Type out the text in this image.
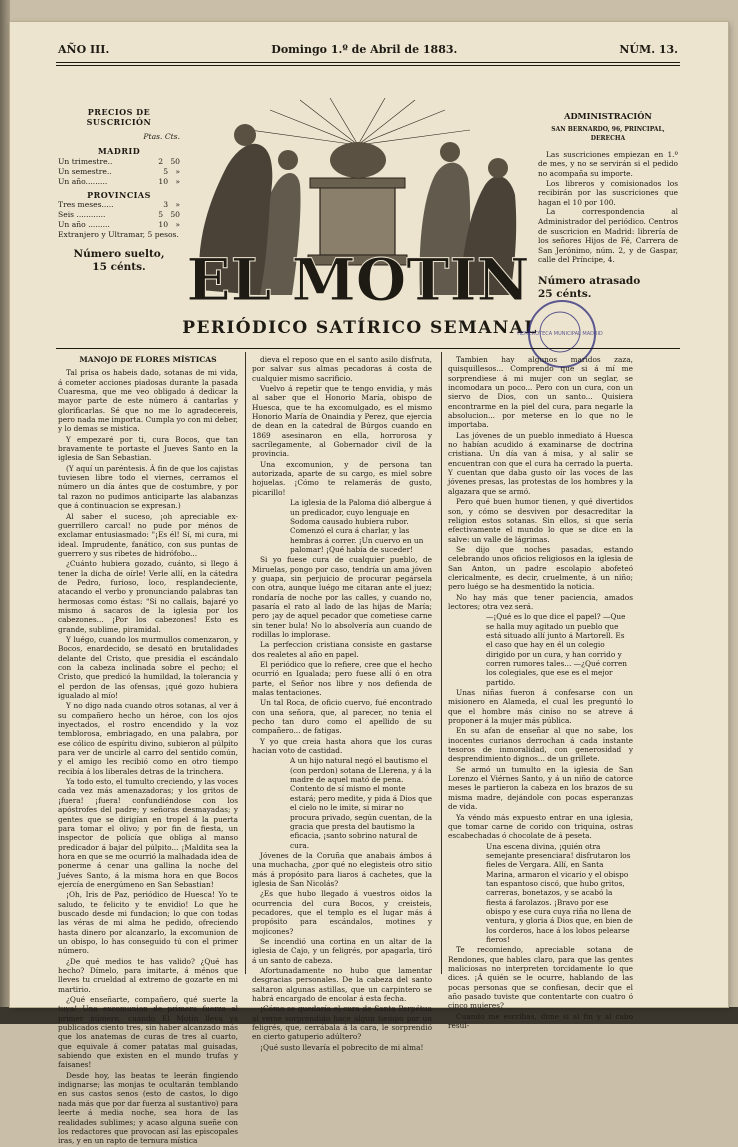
AÑO III.	Domingo 1.º de Abril de 1883.	NÚM. 13.
PRECIOS DE SUSCRICIÓN
Ptas. Cts.
MADRID
Un trimestre..	2 50
Un semestre..	5 »
Un año.........	10 »
PROVINCIAS
Tres meses.....	3 »
Seis ............	5 50
Un año .........	10 »
Extranjero y Ultramar, 5 pesos.
Número suelto,
15 cénts. EL MOTIN
PERIÓDICO SATÍRICO SEMANAL
ADMINISTRACIÓN
SAN BERNARDO, 96, PRINCIPAL, DERECHA
Las suscriciones empiezan en 1.º de mes, y no se servirán si el pedido no acompaña su importe.
Los libreros y comisionados los recibirán por las suscriciones que hagan el 10 por 100.
La correspondencia al Administrador del periódico. Centros de suscricion en Madrid: librería de los señores Hijos de Fé, Carrera de San Jerónimo, núm. 2, y de Gaspar, calle del Príncipe, 4.
Número atrasado
25 cénts.
HEMEROTECA MUNICIPAL MADRID

MANOJO DE FLORES MÍSTICAS

Tal prisa os habeis dado, sotanas de mi vida, á cometer acciones piadosas durante la pasada Cuaresma, que me veo obligado á dedicar la mayor parte de este número á cantarlas y glorificarlas. Sé que no me lo agradecereis, pero nada me importa. Cumpla yo con mi deber, y lo demas se mistica.

Y empezaré por ti, cura Bocos, que tan bravamente te portaste el Jueves Santo en la iglesia de San Sebastian.

(Y aquí un paréntesis. Á fin de que los cajistas tuviesen libre todo el viernes, cerramos el número un día ántes que de costumbre, y por tal razon no pudimos anticiparte las alabanzas que á continuacion se expresan.)

Al saber el suceso, ¡oh apreciable ex-guerrillero carcal! no pude por ménos de exclamar entusiasmado: "¡Es él! Sí, mi cura, mi ideal. Imprudente, fanático, con sus puntas de guerrero y sus ribetes de hidrófobo...

¿Cuánto hubiera gozado, cuánto, si llego á tener la dicha de oírle! Verle allí, en la cátedra de Pedro, furioso, loco, resplandeciente, atacando el verbo y pronunciando palabras tan hermosas como éstas: "Si no callais, bajaré yo mismo á sacaros de la iglesia por los cabezones... ¡Por los cabezones! Esto es grande, sublime, piramidal.

Y luégo, cuando los murmullos comenzaron, y Bocos, enardecido, se desató en brutalidades delante del Cristo, que presidia el escándalo con la cabeza inclinada sobre el pecho; el Cristo, que predicó la humildad, la tolerancia y el perdon de las ofensas, ¡qué gozo hubiera igualado al mío!

Y no digo nada cuando otros sotanas, al ver á su compañero hecho un héroe, con los ojos inyectados, el rostro encendido y la voz temblorosa, embriagado, en una palabra, por ese cólico de espíritu divino, subieron al púlpito para ver de uncirle al carro del sentido común, y el amigo les recibió como en otro tiempo recibía á los liberales detras de la trinchera.

Ya todo esto, el tumulto creciendo, y las voces cada vez más amenazadoras; y los gritos de ¡fuera! ¡fuera! confundiéndose con los apóstrofes del padre; y señoras desmayadas; y gentes que se dirigían en tropel á la puerta para tomar el olivo; y por fin de fiesta, un inspector de policía que obliga al manso predicador á bajar del púlpito... ¡Maldita sea la hora en que se me ocurrió la malhadada idea de ponerme á cenar una gallina la noche del Juéves Santo, á la misma hora en que Bocos ejercía de energúmeno en San Sebastian!

¡Oh, Iris de Paz, periódico de Huesca! Yo te saludo, te felicito y te envidio! Lo que he buscado desde mi fundacion; lo que con todas las véras de mi alma he pedido, ofreciendo hasta dinero por alcanzarlo, la excomunion de un obispo, lo has conseguido tú con el primer número.

¿De qué medios te has valido? ¿Qué has hecho? Dímelo, para imitarte, á ménos que lleves tu crueldad al extremo de gozarte en mi martirio.

¿Qué enseñarte, compañero, qué suerte la tuya! Una excomunion de primera fuerza al primer número, cuando El Motin lleva ya publicados ciento tres, sin haber alcanzado más que los anatemas de curas de tres al cuarto, que equivale á comer patatas mal guisadas, sabiendo que existen en el mundo trufas y faisanes!

Desde hoy, las beatas te leerán fingiendo indignarse; las monjas te ocultarán temblando en sus castos senos (esto de castos, lo digo nada más que por dar fuerza al sustantivo) para leerte á media noche, sea hora de las realidades sublimes; y acaso alguna sueñe con los redactores que provocan así las episcopales iras, y en un rapto de ternura mística

dieva el reposo que en el santo asilo disfruta, por salvar sus almas pecadoras á costa de cualquier mismo sacrificio.

Vuelvo á repetir que te tengo envidia, y más al saber que el Honorio María, obispo de Huesca, que te ha excomulgado, es el mismo Honorio María de Onaindia y Perez, que ejercia de dean en la catedral de Búrgos cuando en 1869 asesinaron en ella, horrorosa y sacrílegamente, al Gobernador civil de la provincia.

Una excomunion, y de persona tan autorizada, aparte de su cargo, es miel sobre hojuelas. ¡Cómo te relamerás de gusto, picarillo!

La iglesia de la Paloma dió albergue á un predicador, cuyo lenguaje en Sodoma causado hubiera rubor. Comenzó el cura á charlar, y las hembras á correr. ¡Un cuervo en un palomar! ¡Qué había de suceder!

Si yo fuese cura de cualquier pueblo, de Miruelas, pongo por caso, tendría un ama jóven y guapa, sin perjuicio de procurar pegársela con otra, aunque luégo me citaran ante el juez; rondaría de noche por las calles, y cuando no, pasaría el rato al lado de las hijas de María; pero ¡ay de aquel pecador que cometiese carne sin tener bula! No lo absolvería aun cuando de rodillas lo implorase.

La perfeccion cristiana consiste en gastarse dos realetes al año en papel.

El periódico que lo refiere, cree que el hecho ocurrió en Igualada; pero fuese allí ó en otra parte, el Señor nos libre y nos defienda de malas tentaciones.

Un tal Roca, de oficio cuervo, fué encontrado con una señora, que, al parecer, no tenia el pecho tan duro como el apellido de su compañero... de fatigas.

Y yo que creia hasta ahora que los curas hacian voto de castidad.

A un hijo natural negó el bautismo el (con perdon) sotana de Llerena, y á la madre de aquel mató de pena. Contento de sí mismo el monte estará; pero medite, y pida á Dios que el cielo no le imite, si mirar no procura privado, según cuentan, de la gracia que presta del bautismo la eficacia, ¡santo sobrino natural de cura.

Jóvenes de la Coruña que anabais ámbos á una muchacha, ¿por qué no elegisteis otro sitio más á propósito para liaros á cachetes, que la iglesia de San Nicolás?

¿Es que hubo llegado á vuestros oidos la ocurrencia del cura Bocos, y creisteis, pecadores, que el templo es el lugar más á propósito para escándalos, motines y mojicones?

Se incendió una cortina en un altar de la iglesia de Cajo, y un feligrés, por apagarla, tiró á un santo de cabeza.

Afortunadamente no hubo que lamentar desgracias personales. De la cabeza del santo saltaron algunas astillas, que un carpintero se habrá encargado de encolar á esta fecha.

¡Cómo se quedaría el cura de Santa Perpétua al verse sorprendido hace algun tiempo por un feligrés, que, cerrábala á la cara, le sorprendió en cierto gatuperio adúltero?

¡Qué susto llevaría el pobrecito de mi alma!

Tambien hay algunos maridos zaza, quisquillesos... Comprendo que si á mí me sorprendiese á mi mujer con un seglar, se incomodara un poco... Pero con un cura, con un siervo de Dios, con un santo... Quisiera encontrarme en la piel del cura, para negarle la absolucion... por meterse en lo que no le importaba.

Las jóvenes de un pueblo inmediato á Huesca no habían acudido á examinarse de doctrina cristiana. Un día van á misa, y al salir se encuentran con que el cura ha cerrado la puerta. Y cuentan que daba gusto oír las voces de las jóvenes presas, las protestas de los hombres y la algazara que se armó.

Pero qué buen humor tienen, y qué divertidos son, y cómo se desviven por desacreditar la religion estos sotanas. Sin ellos, si que sería efectivamente el mundo lo que se dice en la salve: un valle de lágrimas.

Se dijo que noches pasadas, estando celebrando unos oficios religiosos en la iglesia de San Anton, un padre escolapio abofeteó clericalmente, es decir, cruelmente, á un niño; pero luégo se ha desmentido la noticia.

No hay más que tener paciencia, amados lectores; otra vez será.

—¡Qué es lo que dice el papel? —Que se halla muy agitado un pueblo que está situado allí junto á Martorell. Es el caso que hay en él un colegio dirigido por un cura, y han corrido y corren rumores tales... —¿Qué corren los colegiales, que ese es el mejor partido.

Unas niñas fueron á confesarse con un misionero en Alameda, el cual les preguntó lo que el hombre más ciniso no se atreve á proponer á la mujer más pública.

En su afan de enseñar al que no sabe, los inocentes curianos derrochan á cada instante tesoros de inmoralidad, con generosidad y desprendimiento dignos... de un grillete.

Se armó un tumulto en la iglesia de San Lorenzo el Viérnes Santo, y á un niño de catorce meses le partieron la cabeza en los brazos de su misma madre, dejándole con pocas esperanzas de vida.

Ya véndo más expuesto entrar en una iglesia, que tomar carne de corido con triquina, ostras escabechadas ó chocolate de á peseta.

Una escena divina, ¡quién otra semejante presenciara! disfrutaron los fieles de Vergara. Allí, en Santa Marina, armaron el vicario y el obispo tan espantoso ciscó, que hubo gritos, carreras, bonetazos, y se acabó la fiesta á farolazos. ¡Bravo por ese obispo y ese cura cuya riña no llena de ventura, y gloria á Dios que, en bien de los corderos, hace á los lobos pelearse fieros!

Te recomiendo, apreciable sotana de Rendones, que hables claro, para que las gentes maliciosas no interpreten torcidamente lo que dices. ¡Á quién se le ocurre, hablando de las pocas personas que se confiesan, decir que el año pasado tuviste que contentarte con cuatro ó cinco mujeres?

Cuando me escribas, dime si al fin y al cabo resul-
